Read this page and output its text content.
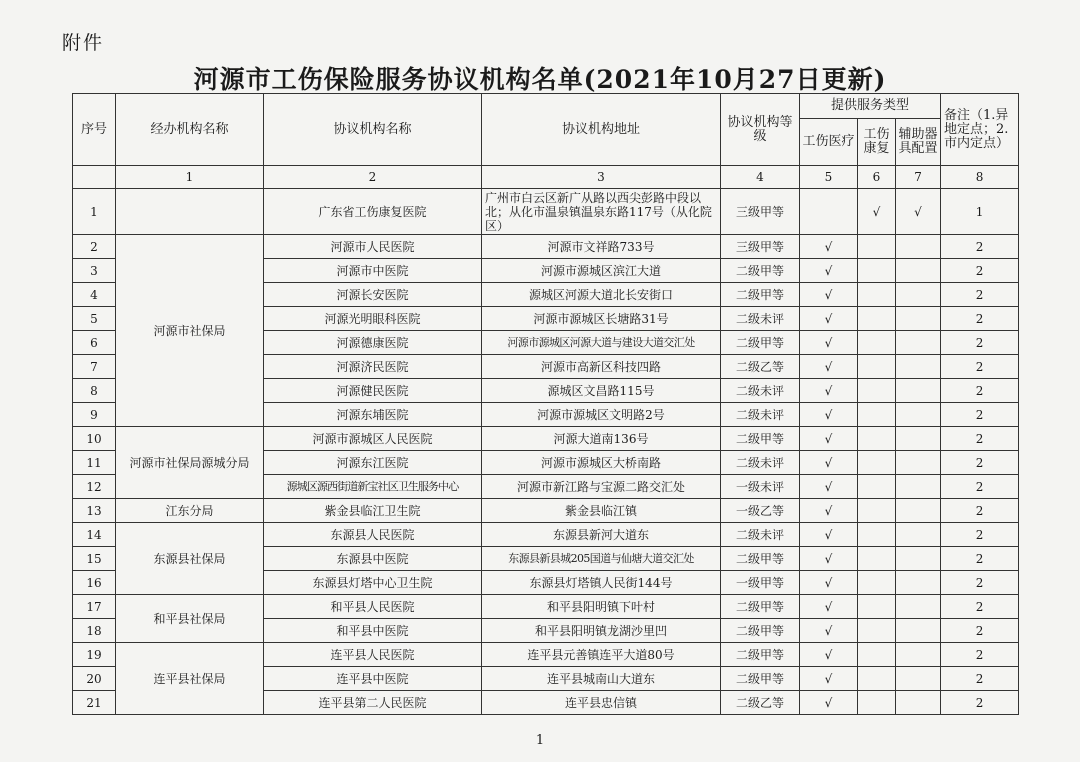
附件
河源市工伤保险服务协议机构名单(2021年10月27日更新)
序号	经办机构名称	协议机构名称	协议机构地址	协议机构等级	提供服务类型			备注（1.异地定点；2.市内定点）
					工伤医疗	工伤康复	辅助器具配置	
	1	2	3	4	5	6	7	8
1		广东省工伤康复医院	广州市白云区新广从路以西尖彭路中段以北；从化市温泉镇温泉东路117号（从化院区）	三级甲等		√	√	1
2	河源市社保局	河源市人民医院	河源市文祥路733号	三级甲等	√			2
3		河源市中医院	河源市源城区滨江大道	二级甲等	√			2
4		河源长安医院	源城区河源大道北长安街口	二级甲等	√			2
5		河源光明眼科医院	河源市源城区长塘路31号	二级未评	√			2
6		河源德康医院	河源市源城区河源大道与建设大道交汇处	二级甲等	√			2
7		河源济民医院	河源市高新区科技四路	二级乙等	√			2
8		河源健民医院	源城区文昌路115号	二级未评	√			2
9		河源东埔医院	河源市源城区文明路2号	二级未评	√			2
10	河源市社保局源城分局	河源市源城区人民医院	河源大道南136号	二级甲等	√			2
11		河源东江医院	河源市源城区大桥南路	二级未评	√			2
12		源城区源西街道新宝社区卫生服务中心	河源市新江路与宝源二路交汇处	一级未评	√			2
13	江东分局	紫金县临江卫生院	紫金县临江镇	一级乙等	√			2
14	东源县社保局	东源县人民医院	东源县新河大道东	二级未评	√			2
15		东源县中医院	东源县新县城205国道与仙塘大道交汇处	二级甲等	√			2
16		东源县灯塔中心卫生院	东源县灯塔镇人民街144号	一级甲等	√			2
17	和平县社保局	和平县人民医院	和平县阳明镇下叶村	二级甲等	√			2
18		和平县中医院	和平县阳明镇龙湖沙里凹	二级甲等	√			2
19	连平县社保局	连平县人民医院	连平县元善镇连平大道80号	二级甲等	√			2
20		连平县中医院	连平县城南山大道东	二级甲等	√			2
21		连平县第二人民医院	连平县忠信镇	二级乙等	√			2
1
